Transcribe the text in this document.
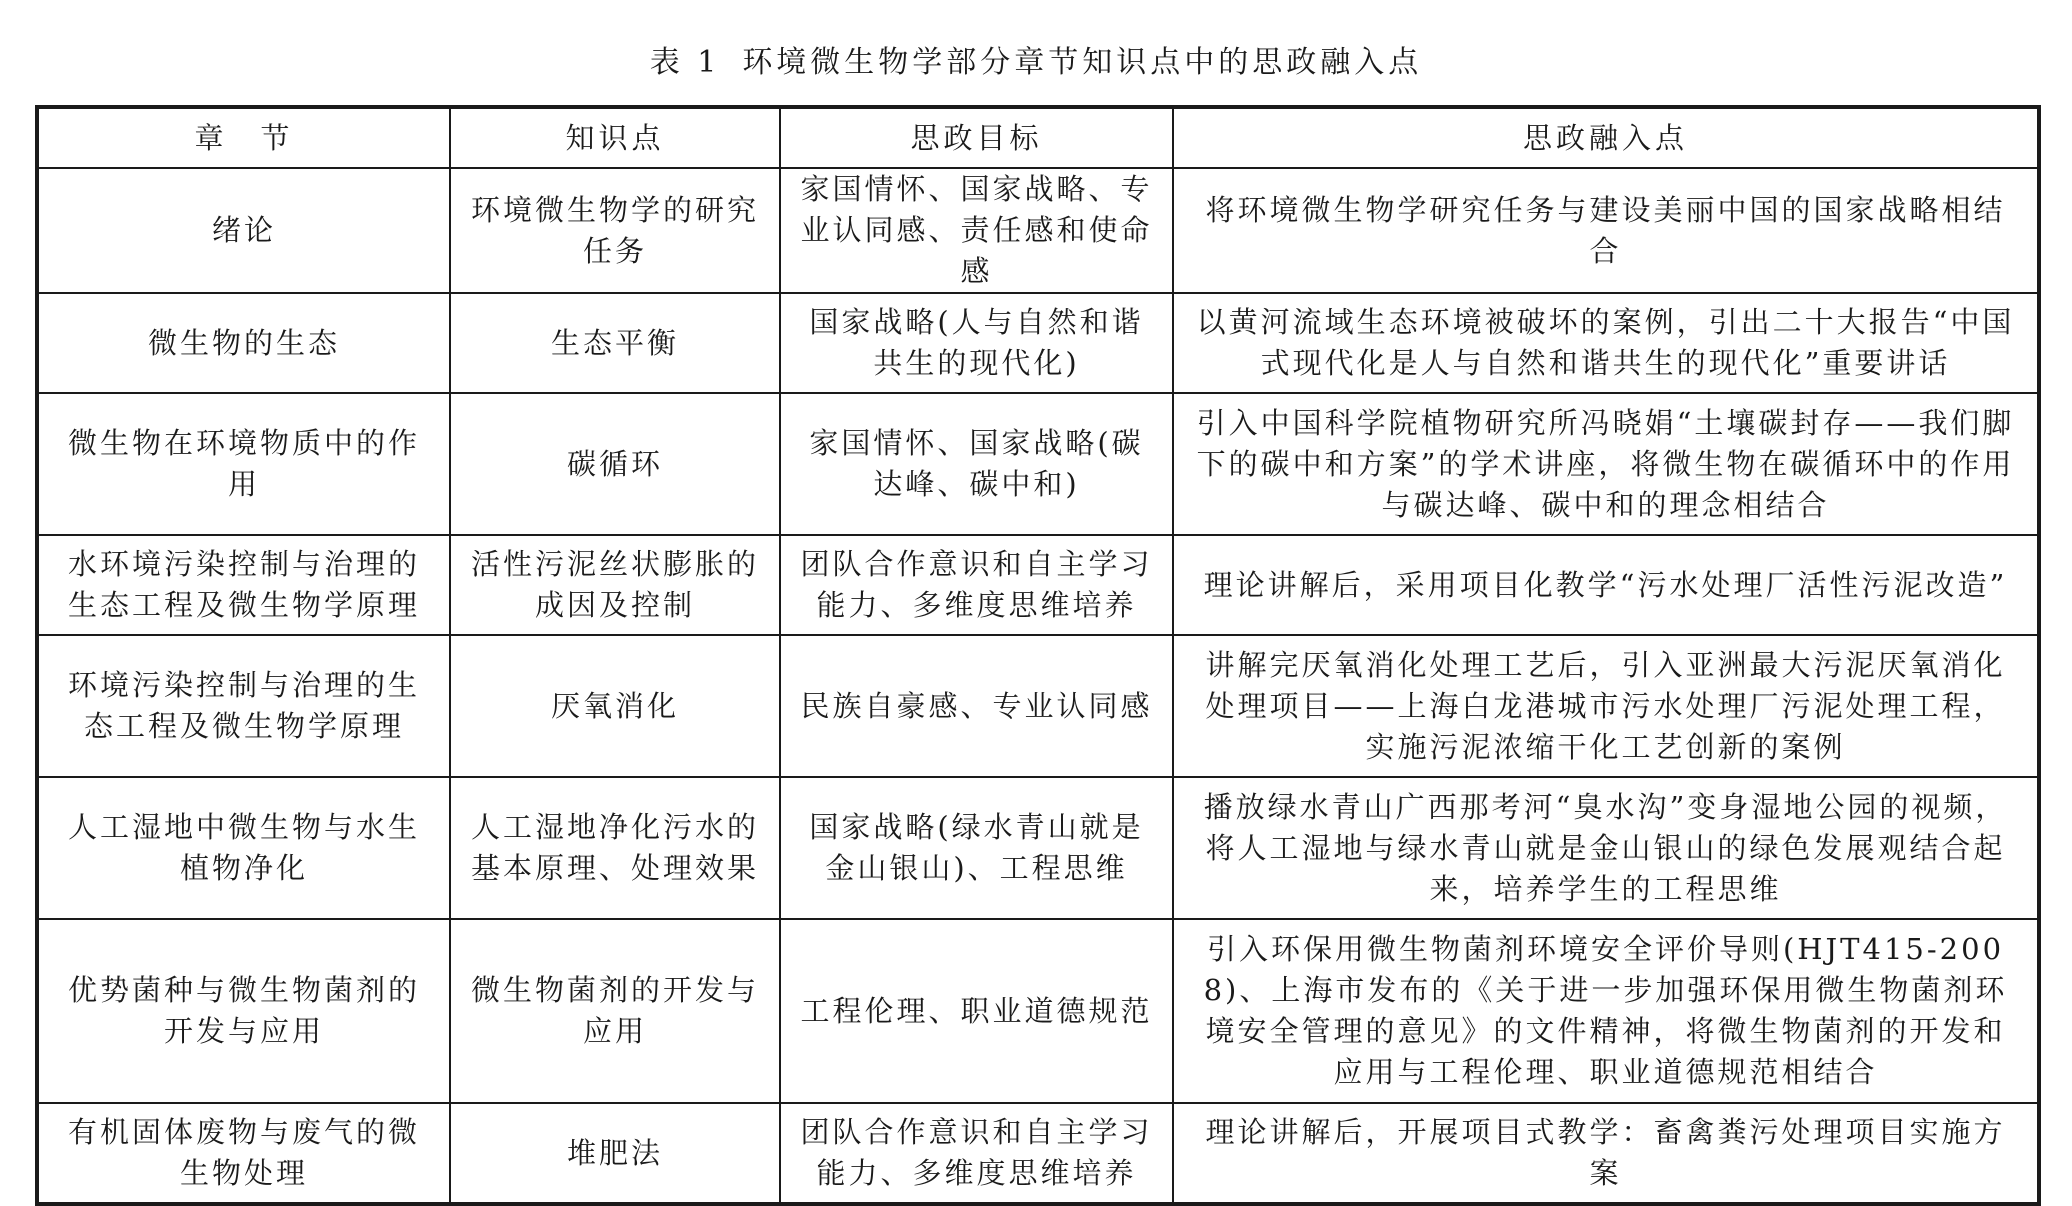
表 1 环境微生物学部分章节知识点中的思政融入点
章　节	知识点	思政目标	思政融入点
绪论	环境微生物学的研究任务	家国情怀、国家战略、专业认同感、责任感和使命感	将环境微生物学研究任务与建设美丽中国的国家战略相结合
微生物的生态	生态平衡	国家战略(人与自然和谐共生的现代化)	以黄河流域生态环境被破坏的案例，引出二十大报告“中国式现代化是人与自然和谐共生的现代化”重要讲话
微生物在环境物质中的作用	碳循环	家国情怀、国家战略(碳达峰、碳中和)	引入中国科学院植物研究所冯晓娟“土壤碳封存——我们脚下的碳中和方案”的学术讲座，将微生物在碳循环中的作用与碳达峰、碳中和的理念相结合
水环境污染控制与治理的生态工程及微生物学原理	活性污泥丝状膨胀的成因及控制	团队合作意识和自主学习能力、多维度思维培养	理论讲解后，采用项目化教学“污水处理厂活性污泥改造”
环境污染控制与治理的生态工程及微生物学原理	厌氧消化	民族自豪感、专业认同感	讲解完厌氧消化处理工艺后，引入亚洲最大污泥厌氧消化处理项目——上海白龙港城市污水处理厂污泥处理工程，实施污泥浓缩干化工艺创新的案例
人工湿地中微生物与水生植物净化	人工湿地净化污水的基本原理、处理效果	国家战略(绿水青山就是金山银山)、工程思维	播放绿水青山广西那考河“臭水沟”变身湿地公园的视频，将人工湿地与绿水青山就是金山银山的绿色发展观结合起来，培养学生的工程思维
优势菌种与微生物菌剂的开发与应用	微生物菌剂的开发与应用	工程伦理、职业道德规范	引入环保用微生物菌剂环境安全评价导则(HJT415-2008)、上海市发布的《关于进一步加强环保用微生物菌剂环境安全管理的意见》的文件精神，将微生物菌剂的开发和应用与工程伦理、职业道德规范相结合
有机固体废物与废气的微生物处理	堆肥法	团队合作意识和自主学习能力、多维度思维培养	理论讲解后，开展项目式教学：畜禽粪污处理项目实施方案
